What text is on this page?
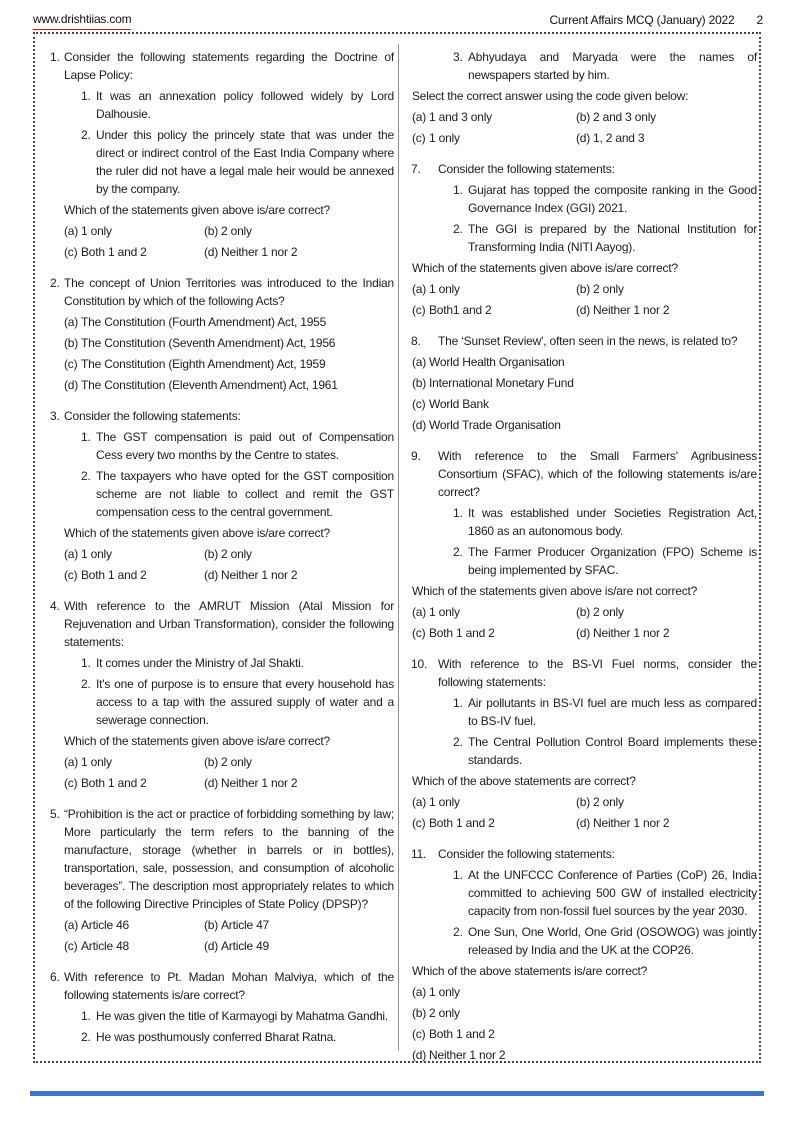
www.drishtiias.com	Current Affairs MCQ (January) 2022 2
1. Consider the following statements regarding the Doctrine of Lapse Policy:

1. It was an annexation policy followed widely by Lord Dalhousie.

2. Under this policy the princely state that was under the direct or indirect control of the East India Company where the ruler did not have a legal male heir would be annexed by the company.

Which of the statements given above is/are correct?

(a) 1 only	(b) 2 only
(c) Both 1 and 2	(d) Neither 1 nor 2
2. The concept of Union Territories was introduced to the Indian Constitution by which of the following Acts?

(a) The Constitution (Fourth Amendment) Act, 1955
(b) The Constitution (Seventh Amendment) Act, 1956
(c) The Constitution (Eighth Amendment) Act, 1959
(d) The Constitution (Eleventh Amendment) Act, 1961
3. Consider the following statements:

1. The GST compensation is paid out of Compensation Cess every two months by the Centre to states.

2. The taxpayers who have opted for the GST composition scheme are not liable to collect and remit the GST compensation cess to the central government.

Which of the statements given above is/are correct?

(a) 1 only	(b) 2 only
(c) Both 1 and 2	(d) Neither 1 nor 2
4. With reference to the AMRUT Mission (Atal Mission for Rejuvenation and Urban Transformation), consider the following statements:

1. It comes under the Ministry of Jal Shakti.

2. It's one of purpose is to ensure that every household has access to a tap with the assured supply of water and a sewerage connection.

Which of the statements given above is/are correct?

(a) 1 only	(b) 2 only
(c) Both 1 and 2	(d) Neither 1 nor 2
5. “Prohibition is the act or practice of forbidding something by law; More particularly the term refers to the banning of the manufacture, storage (whether in barrels or in bottles), transportation, sale, possession, and consumption of alcoholic beverages”. The description most appropriately relates to which of the following Directive Principles of State Policy (DPSP)?

(a) Article 46	(b) Article 47
(c) Article 48	(d) Article 49
6. With reference to Pt. Madan Mohan Malviya, which of the following statements is/are correct?

1. He was given the title of Karmayogi by Mahatma Gandhi.

2. He was posthumously conferred Bharat Ratna.

3. Abhyudaya and Maryada were the names of newspapers started by him.

Select the correct answer using the code given below:

(a) 1 and 3 only	(b) 2 and 3 only
(c) 1 only	(d) 1, 2 and 3
7.	Consider the following statements:

1. Gujarat has topped the composite ranking in the Good Governance Index (GGI) 2021.

2. The GGI is prepared by the National Institution for Transforming India (NITI Aayog).

Which of the statements given above is/are correct?

(a) 1 only	(b) 2 only
(c) Both1 and 2	(d) Neither 1 nor 2
8.	The ‘Sunset Review', often seen in the news, is related to?

(a) World Health Organisation
(b) International Monetary Fund
(c) World Bank
(d) World Trade Organisation
9.	With reference to the Small Farmers' Agribusiness Consortium (SFAC), which of the following statements is/are correct?

1. It was established under Societies Registration Act, 1860 as an autonomous body.

2. The Farmer Producer Organization (FPO) Scheme is being implemented by SFAC.

Which of the statements given above is/are not correct?

(a) 1 only	(b) 2 only
(c) Both 1 and 2	(d) Neither 1 nor 2
10. With reference to the BS-VI Fuel norms, consider the following statements:

1. Air pollutants in BS-VI fuel are much less as compared to BS-IV fuel.

2. The Central Pollution Control Board implements these standards.

Which of the above statements are correct?

(a) 1 only	(b) 2 only
(c) Both 1 and 2	(d) Neither 1 nor 2
11. Consider the following statements:

1. At the UNFCCC Conference of Parties (CoP) 26, India committed to achieving 500 GW of installed electricity capacity from non-fossil fuel sources by the year 2030.

2. One Sun, One World, One Grid (OSOWOG) was jointly released by India and the UK at the COP26.

Which of the above statements is/are correct?

(a) 1 only
(b) 2 only
(c) Both 1 and 2
(d) Neither 1 nor 2
